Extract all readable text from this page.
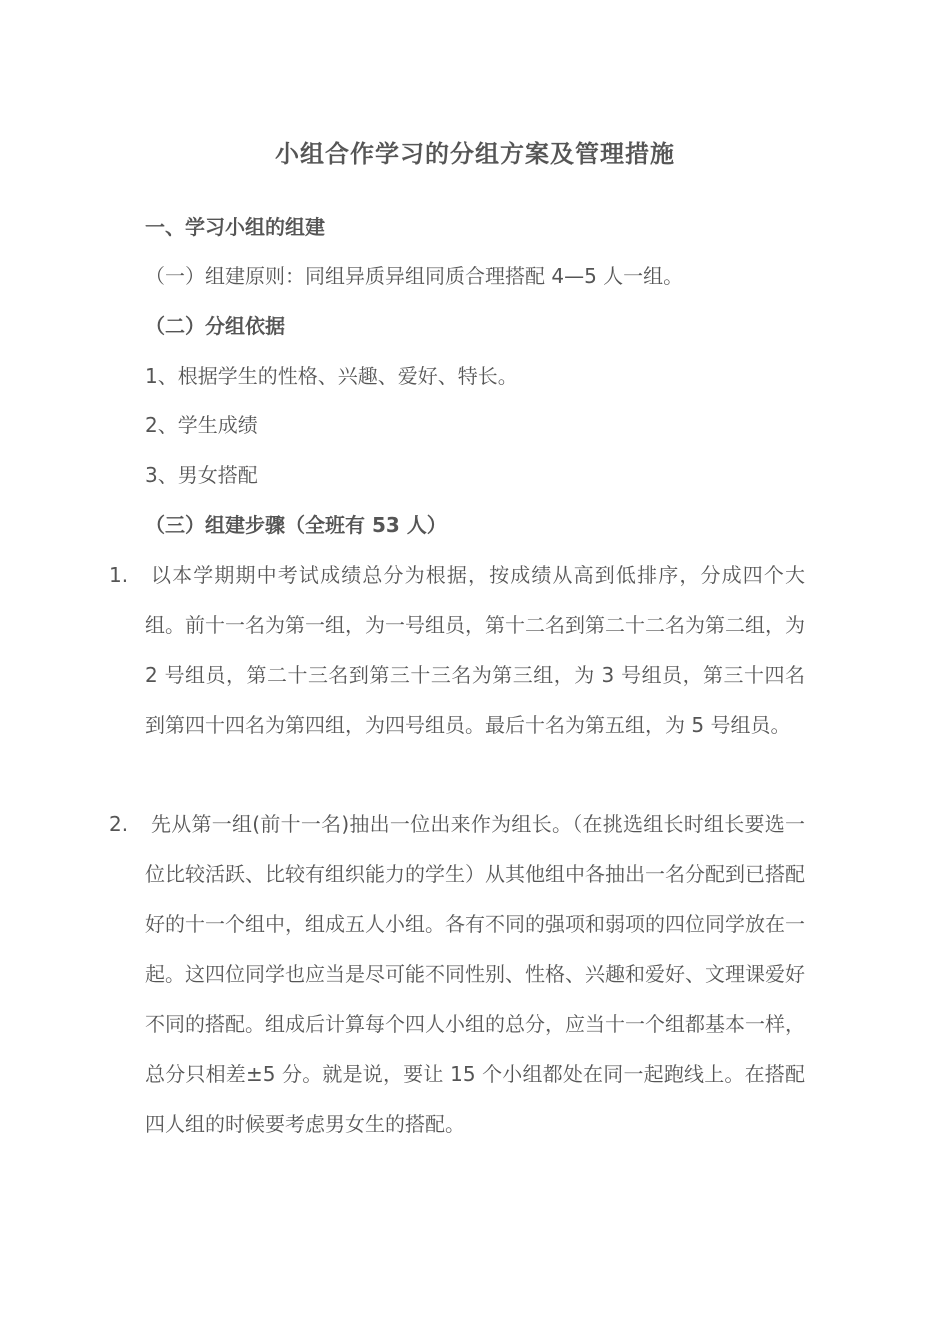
小组合作学习的分组方案及管理措施
一、学习小组的组建
（一）组建原则：同组异质异组同质合理搭配 4—5 人一组。
（二）分组依据
1、根据学生的性格、兴趣、爱好、特长。
2、学生成绩
3、男女搭配
（三）组建步骤（全班有 53 人）
1.	以本学期期中考试成绩总分为根据，按成绩从高到低排序，分成四个大组。前十一名为第一组，为一号组员，第十二名到第二十二名为第二组，为 2 号组员，第二十三名到第三十三名为第三组，为 3 号组员，第三十四名到第四十四名为第四组，为四号组员。最后十名为第五组，为 5 号组员。
2.	先从第一组(前十一名)抽出一位出来作为组长。（在挑选组长时组长要选一位比较活跃、比较有组织能力的学生）从其他组中各抽出一名分配到已搭配好的十一个组中，组成五人小组。各有不同的强项和弱项的四位同学放在一起。这四位同学也应当是尽可能不同性别、性格、兴趣和爱好、文理课爱好不同的搭配。组成后计算每个四人小组的总分，应当十一个组都基本一样，总分只相差±5 分。就是说，要让 15 个小组都处在同一起跑线上。在搭配四人组的时候要考虑男女生的搭配。
